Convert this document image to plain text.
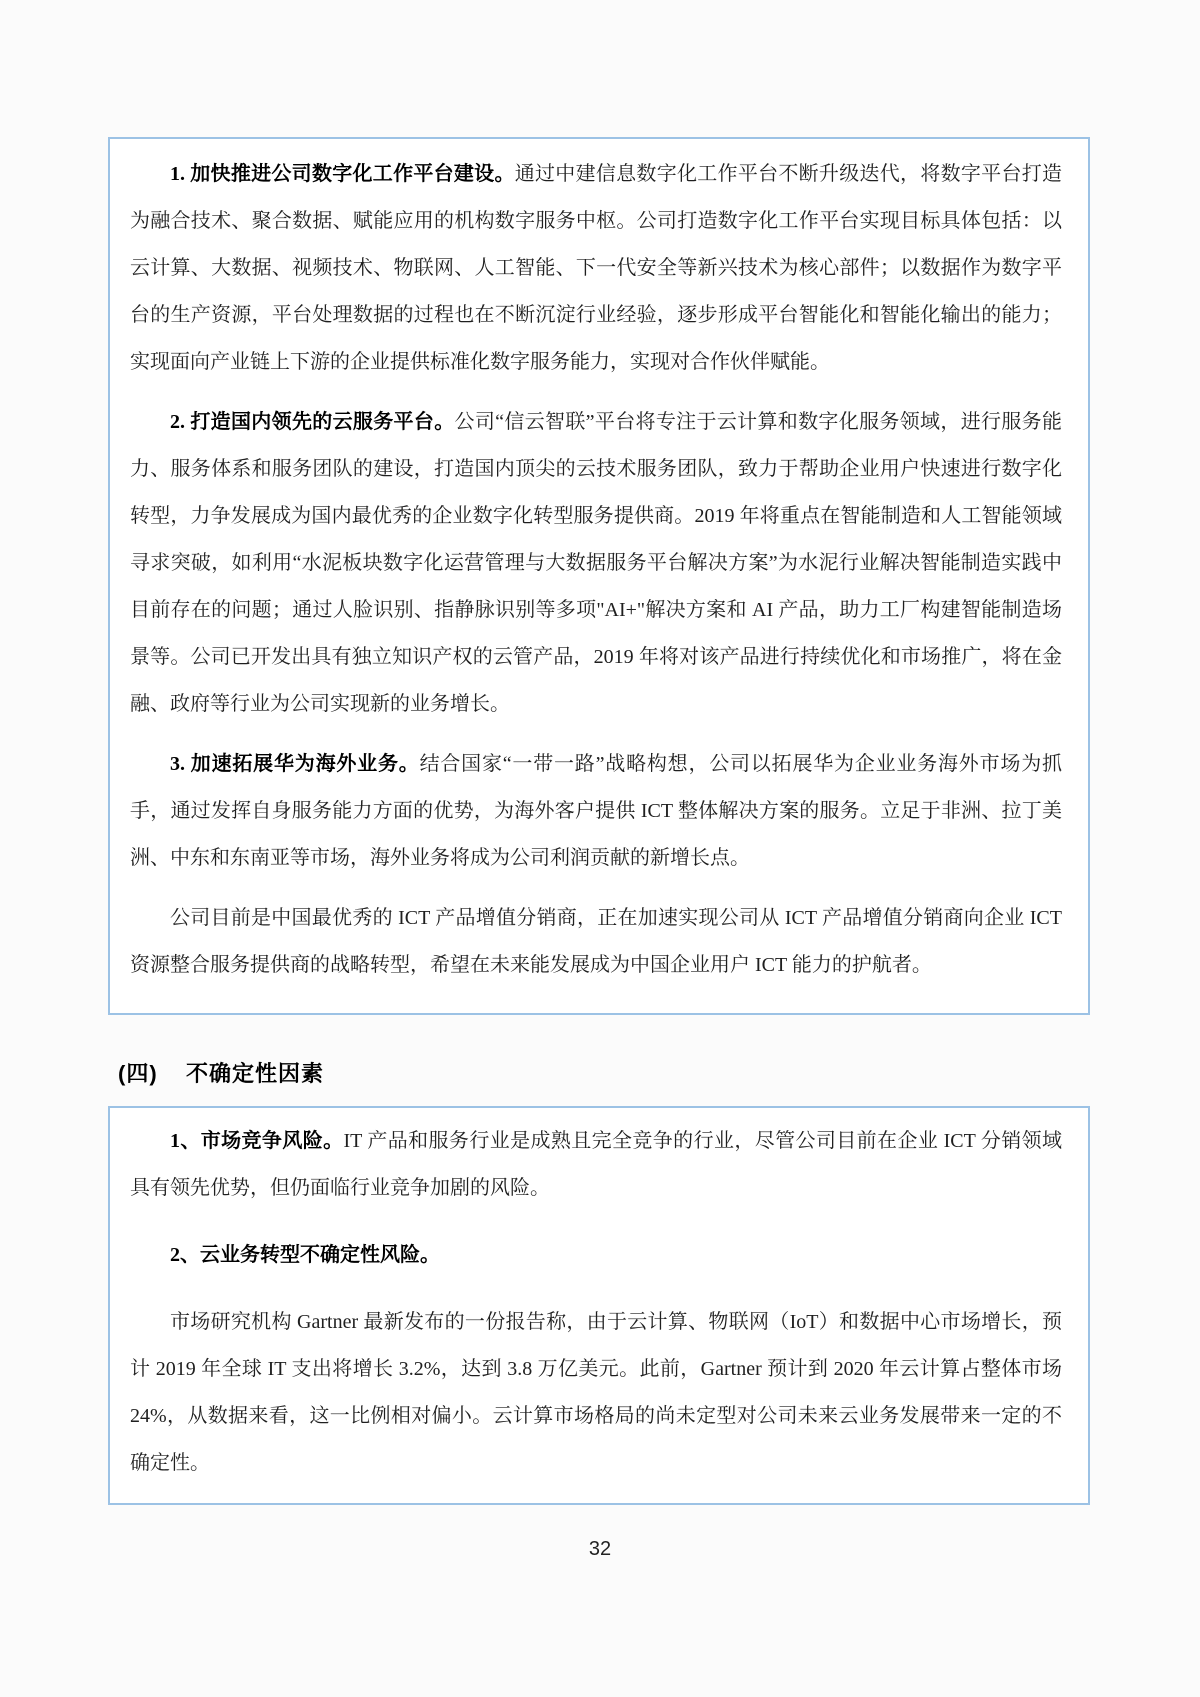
1. 加快推进公司数字化工作平台建设。通过中建信息数字化工作平台不断升级迭代，将数字平台打造为融合技术、聚合数据、赋能应用的机构数字服务中枢。公司打造数字化工作平台实现目标具体包括：以云计算、大数据、视频技术、物联网、人工智能、下一代安全等新兴技术为核心部件；以数据作为数字平台的生产资源，平台处理数据的过程也在不断沉淀行业经验，逐步形成平台智能化和智能化输出的能力；实现面向产业链上下游的企业提供标准化数字服务能力，实现对合作伙伴赋能。

2. 打造国内领先的云服务平台。公司“信云智联”平台将专注于云计算和数字化服务领域，进行服务能力、服务体系和服务团队的建设，打造国内顶尖的云技术服务团队，致力于帮助企业用户快速进行数字化转型，力争发展成为国内最优秀的企业数字化转型服务提供商。2019 年将重点在智能制造和人工智能领域寻求突破，如利用“水泥板块数字化运营管理与大数据服务平台解决方案”为水泥行业解决智能制造实践中目前存在的问题；通过人脸识别、指静脉识别等多项"AI+"解决方案和 AI 产品，助力工厂构建智能制造场景等。公司已开发出具有独立知识产权的云管产品，2019 年将对该产品进行持续优化和市场推广，将在金融、政府等行业为公司实现新的业务增长。

3. 加速拓展华为海外业务。结合国家“一带一路”战略构想，公司以拓展华为企业业务海外市场为抓手，通过发挥自身服务能力方面的优势，为海外客户提供 ICT 整体解决方案的服务。立足于非洲、拉丁美洲、中东和东南亚等市场，海外业务将成为公司利润贡献的新增长点。

公司目前是中国最优秀的 ICT 产品增值分销商，正在加速实现公司从 ICT 产品增值分销商向企业 ICT 资源整合服务提供商的战略转型，希望在未来能发展成为中国企业用户 ICT 能力的护航者。

(四) 不确定性因素

1、市场竞争风险。IT 产品和服务行业是成熟且完全竞争的行业，尽管公司目前在企业 ICT 分销领域具有领先优势，但仍面临行业竞争加剧的风险。

2、云业务转型不确定性风险。

市场研究机构 Gartner 最新发布的一份报告称，由于云计算、物联网（IoT）和数据中心市场增长，预计 2019 年全球 IT 支出将增长 3.2%，达到 3.8 万亿美元。此前，Gartner 预计到 2020 年云计算占整体市场 24%，从数据来看，这一比例相对偏小。云计算市场格局的尚未定型对公司未来云业务发展带来一定的不确定性。

32
